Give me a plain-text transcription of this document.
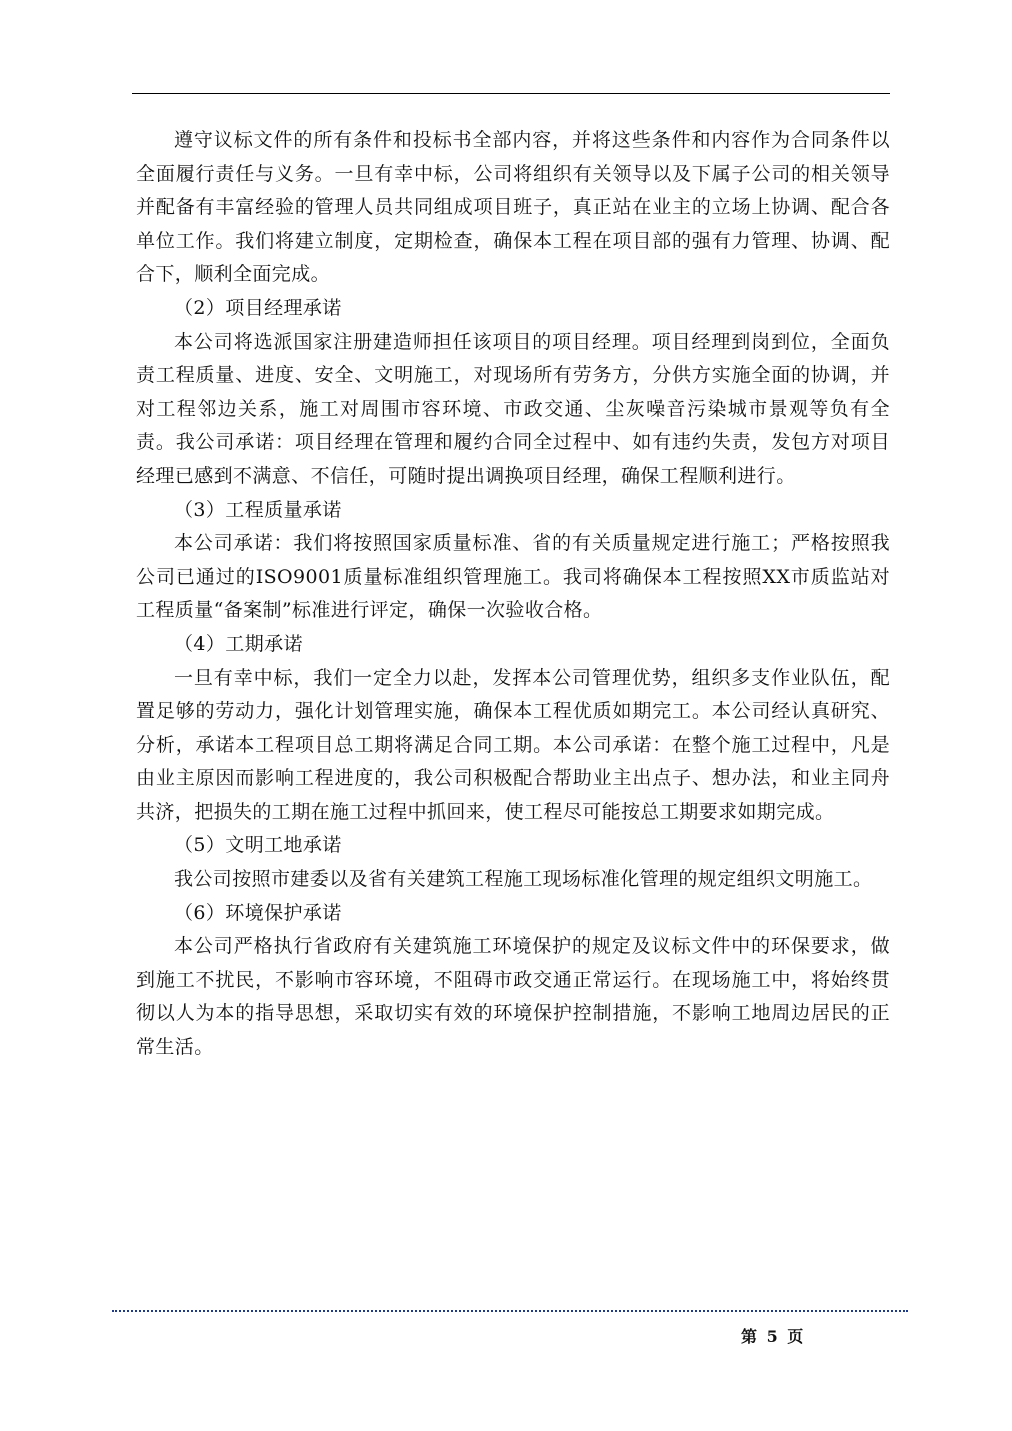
遵守议标文件的所有条件和投标书全部内容，并将这些条件和内容作为合同条件以全面履行责任与义务。一旦有幸中标，公司将组织有关领导以及下属子公司的相关领导并配备有丰富经验的管理人员共同组成项目班子，真正站在业主的立场上协调、配合各单位工作。我们将建立制度，定期检查，确保本工程在项目部的强有力管理、协调、配合下，顺利全面完成。

（2）项目经理承诺

本公司将选派国家注册建造师担任该项目的项目经理。项目经理到岗到位，全面负责工程质量、进度、安全、文明施工，对现场所有劳务方，分供方实施全面的协调，并对工程邻边关系，施工对周围市容环境、市政交通、尘灰噪音污染城市景观等负有全责。我公司承诺：项目经理在管理和履约合同全过程中、如有违约失责，发包方对项目经理已感到不满意、不信任，可随时提出调换项目经理，确保工程顺利进行。

（3）工程质量承诺

本公司承诺：我们将按照国家质量标准、省的有关质量规定进行施工；严格按照我公司已通过的ISO9001质量标准组织管理施工。我司将确保本工程按照XX市质监站对工程质量“备案制”标准进行评定，确保一次验收合格。

（4）工期承诺

一旦有幸中标，我们一定全力以赴，发挥本公司管理优势，组织多支作业队伍，配置足够的劳动力，强化计划管理实施，确保本工程优质如期完工。本公司经认真研究、分析，承诺本工程项目总工期将满足合同工期。本公司承诺：在整个施工过程中，凡是由业主原因而影响工程进度的，我公司积极配合帮助业主出点子、想办法，和业主同舟共济，把损失的工期在施工过程中抓回来，使工程尽可能按总工期要求如期完成。

（5）文明工地承诺

我公司按照市建委以及省有关建筑工程施工现场标准化管理的规定组织文明施工。

（6）环境保护承诺

本公司严格执行省政府有关建筑施工环境保护的规定及议标文件中的环保要求，做到施工不扰民，不影响市容环境，不阻碍市政交通正常运行。在现场施工中，将始终贯彻以人为本的指导思想，采取切实有效的环境保护控制措施，不影响工地周边居民的正常生活。

第 5 页
